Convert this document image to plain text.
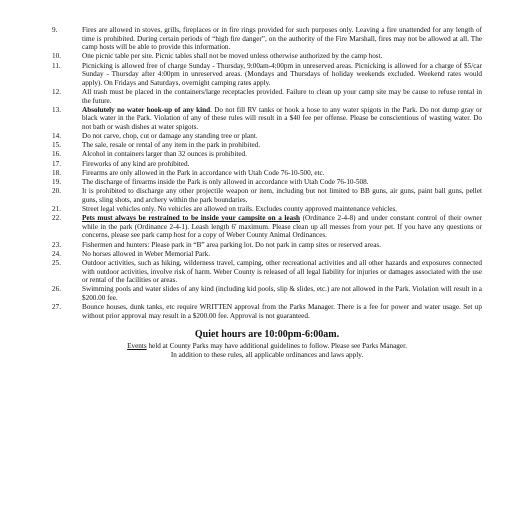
9.	Fires are allowed in stoves, grills, fireplaces or in fire rings provided for such purposes only. Leaving a fire unattended for any length of time is prohibited. During certain periods of “high fire danger”, on the authority of the Fire Marshall, fires may not be allowed at all. The camp hosts will be able to provide this information.
10.	One picnic table per site. Picnic tables shall not be moved unless otherwise authorized by the camp host.
11.	Picnicking is allowed free of charge Sunday - Thursday, 9:00am-4:00pm in unreserved areas. Picnicking is allowed for a charge of $5/car Sunday - Thursday after 4:00pm in unreserved areas. (Mondays and Thursdays of holiday weekends excluded. Weekend rates would apply). On Fridays and Saturdays, overnight camping rates apply.
12.	All trash must be placed in the containers/large receptacles provided. Failure to clean up your camp site may be cause to refuse rental in the future.
13.	Absolutely no water hook-up of any kind. Do not fill RV tanks or hook a hose to any water spigots in the Park. Do not dump gray or black water in the Park. Violation of any of these rules will result in a $40 fee per offense. Please be conscientious of wasting water. Do not bath or wash dishes at water spigots.
14.	Do not carve, chop, cut or damage any standing tree or plant.
15.	The sale, resale or rental of any item in the park in prohibited.
16.	Alcohol in containers larger than 32 ounces is prohibited.
17.	Fireworks of any kind are prohibited.
18.	Firearms are only allowed in the Park in accordance with Utah Code 76-10-500, etc.
19.	The discharge of firearms inside the Park is only allowed in accordance with Utah Code 76-10-508.
20.	It is prohibited to discharge any other projectile weapon or item, including but not limited to BB guns, air guns, paint ball guns, pellet guns, sling shots, and archery within the park boundaries.
21.	Street legal vehicles only. No vehicles are allowed on trails. Excludes county approved maintenance vehicles.
22.	Pets must always be restrained to be inside your campsite on a leash (Ordinance 2-4-8) and under constant control of their owner while in the park (Ordinance 2-4-1). Leash length 6' maximum. Please clean up all messes from your pet. If you have any questions or concerns, please see park camp host for a copy of Weber County Animal Ordinances.
23.	Fishermen and hunters: Please park in “B” area parking lot. Do not park in camp sites or reserved areas.
24.	No horses allowed in Weber Memorial Park.
25.	Outdoor activities, such as hiking, wilderness travel, camping, other recreational activities and all other hazards and exposures connected with outdoor activities, involve risk of harm. Weber County is released of all legal liability for injuries or damages associated with the use or rental of the facilities or areas.
26.	Swimming pools and water slides of any kind (including kid pools, slip & slides, etc.) are not allowed in the Park. Violation will result in a $200.00 fee.
27.	Bounce houses, dunk tanks, etc require WRITTEN approval from the Parks Manager. There is a fee for power and water usage. Set up without prior approval may result in a $200.00 fee. Approval is not guaranteed.

Quiet hours are 10:00pm-6:00am.

Events held at County Parks may have additional guidelines to follow. Please see Parks Manager.

In addition to these rules, all applicable ordinances and laws apply.
